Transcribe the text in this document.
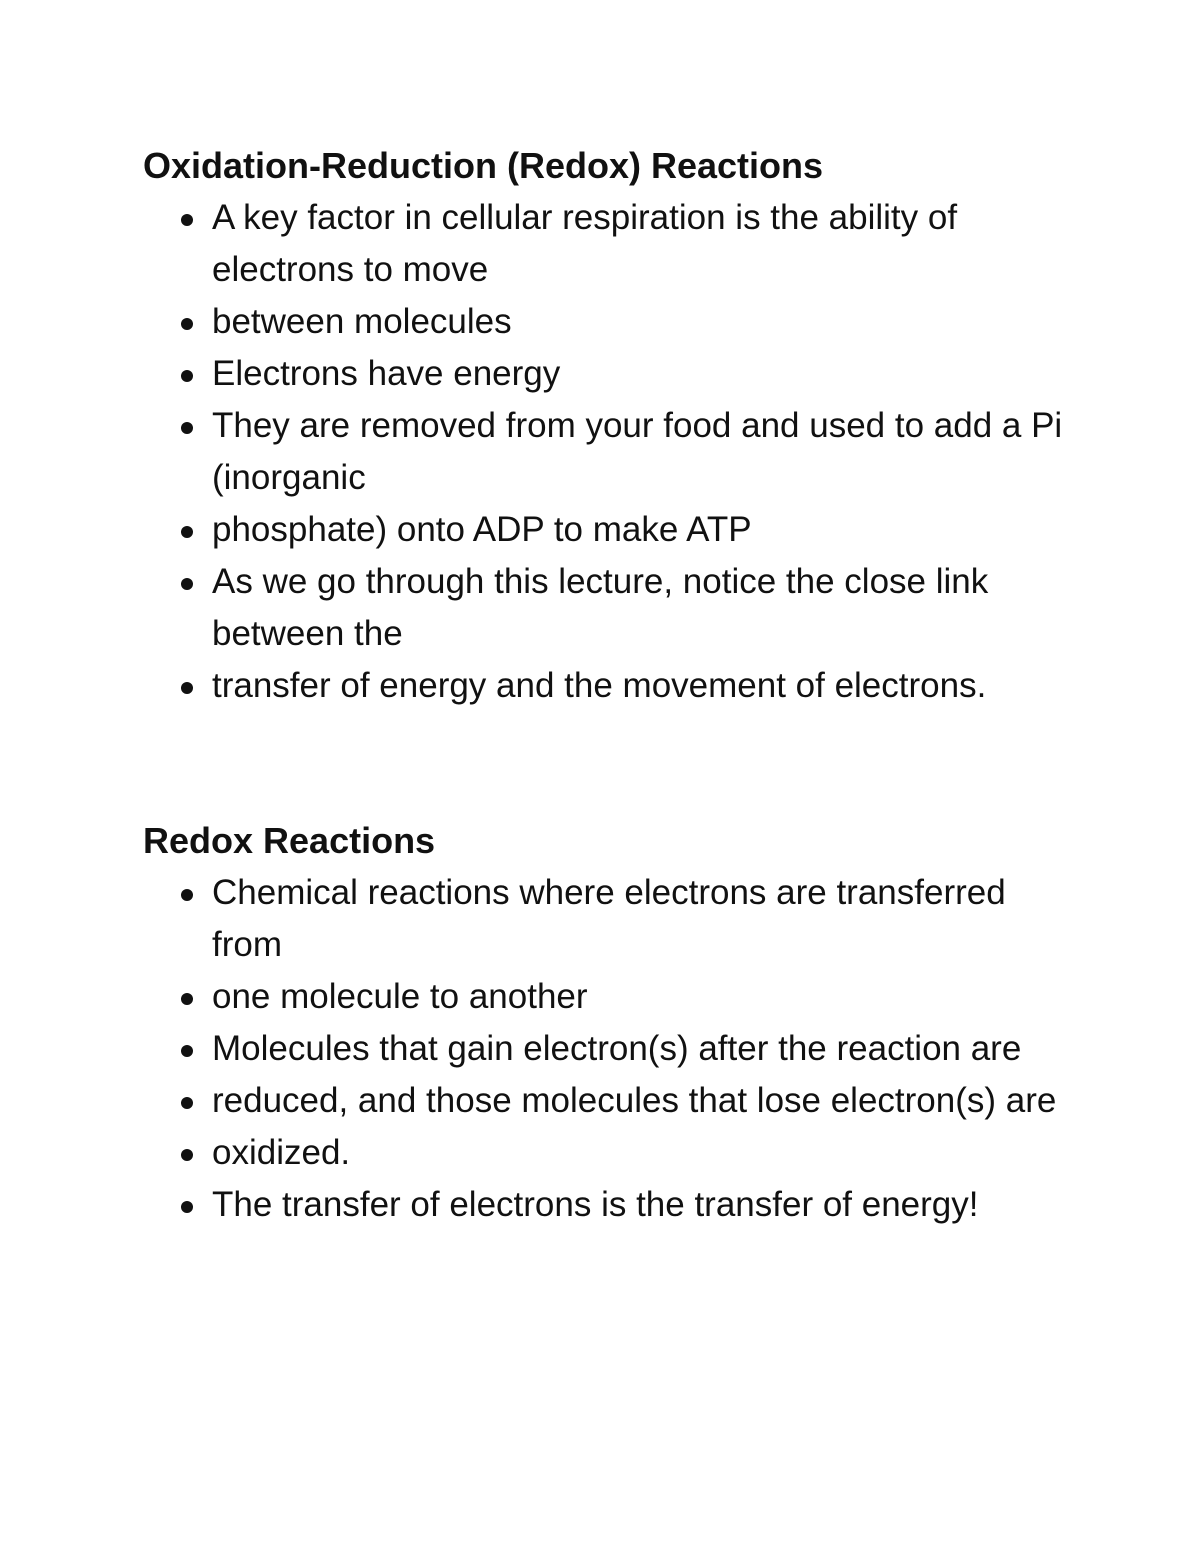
Oxidation-Reduction (Redox) Reactions
A key factor in cellular respiration is the ability of electrons to move
between molecules
Electrons have energy
They are removed from your food and used to add a Pi (inorganic
phosphate) onto ADP to make ATP
As we go through this lecture, notice the close link between the
transfer of energy and the movement of electrons.
Redox Reactions
Chemical reactions where electrons are transferred from
one molecule to another
Molecules that gain electron(s) after the reaction are
reduced, and those molecules that lose electron(s) are
oxidized.
The transfer of electrons is the transfer of energy!
